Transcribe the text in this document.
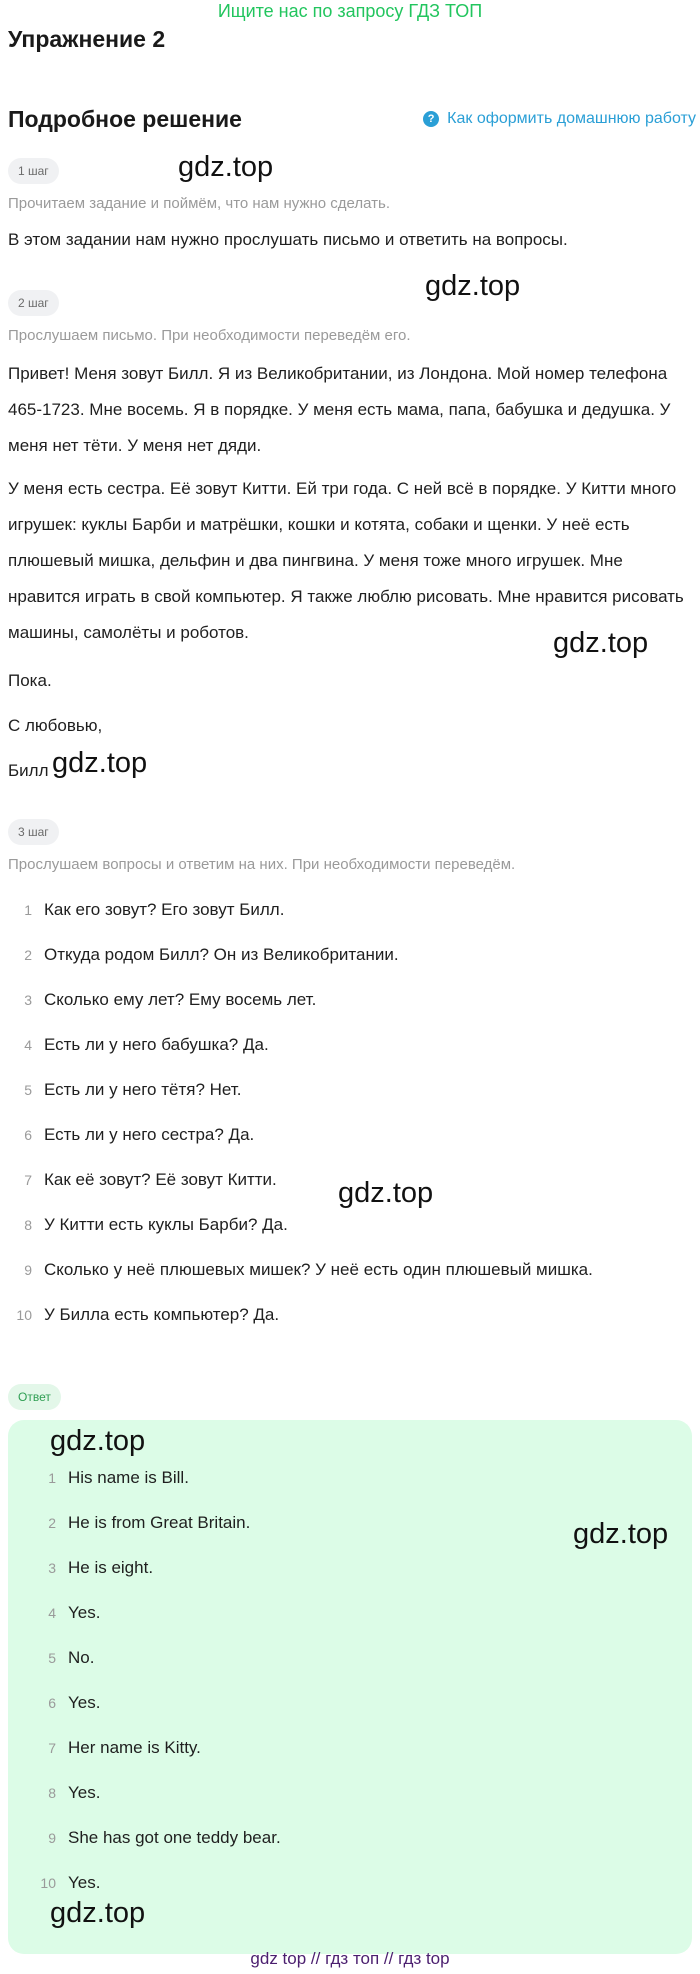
Ищите нас по запросу ГДЗ ТОП
Упражнение 2
Подробное решение	? Как оформить домашнюю работу
1 шаг	gdz.top
Прочитаем задание и поймём, что нам нужно сделать.
В этом задании нам нужно прослушать письмо и ответить на вопросы.
gdz.top
2 шаг
Прослушаем письмо. При необходимости переведём его.
Привет! Меня зовут Билл. Я из Великобритании, из Лондона. Мой номер телефона 465-1723. Мне восемь. Я в порядке. У меня есть мама, папа, бабушка и дедушка. У меня нет тёти. У меня нет дяди.
У меня есть сестра. Её зовут Китти. Ей три года. С ней всё в порядке. У Китти много игрушек: куклы Барби и матрёшки, кошки и котята, собаки и щенки. У неё есть плюшевый мишка, дельфин и два пингвина. У меня тоже много игрушек. Мне нравится играть в свой компьютер. Я также люблю рисовать. Мне нравится рисовать машины, самолёты и роботов.	gdz.top
Пока.
С любовью,
Билл gdz.top
3 шаг
Прослушаем вопросы и ответим на них. При необходимости переведём.
1 Как его зовут? Его зовут Билл.
2 Откуда родом Билл? Он из Великобритании.
3 Сколько ему лет? Ему восемь лет.
4 Есть ли у него бабушка? Да.
5 Есть ли у него тётя? Нет.
6 Есть ли у него сестра? Да.
7 Как её зовут? Её зовут Китти. gdz.top
8 У Китти есть куклы Барби? Да.
9 Сколько у неё плюшевых мишек? У неё есть один плюшевый мишка.
10 У Билла есть компьютер? Да.
Ответ
gdz.top
1 His name is Bill.
2 He is from Great Britain.	gdz.top
3 He is eight.
4 Yes.
5 No.
6 Yes.
7 Her name is Kitty.
8 Yes.
9 She has got one teddy bear.
10 Yes.
gdz.top
gdz top // гдз топ // гдз top
